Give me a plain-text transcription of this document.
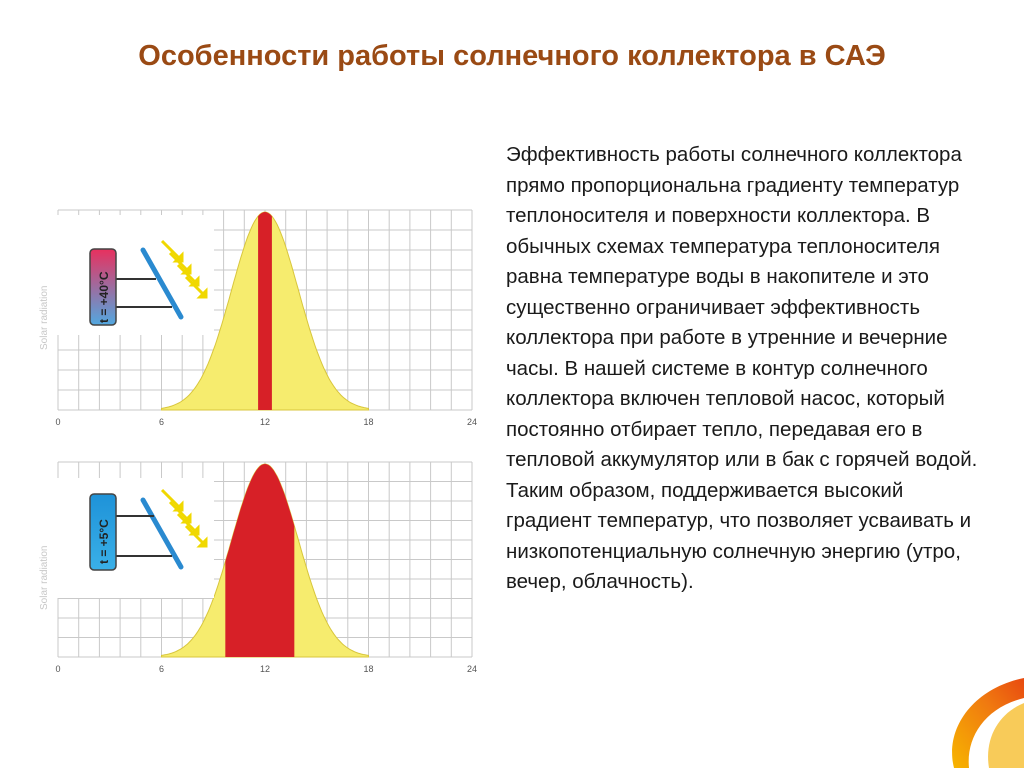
Особенности работы солнечного коллектора в САЭ
0	6	12	18	24
Solar radiation	t = +40°C
0	6	12	18	24
Solar radiation
t = +5°C
Эффективность работы солнечного коллектора прямо пропорциональна градиенту температур теплоносителя и поверхности коллектора. В обычных схемах температура теплоносителя равна температуре воды в накопителе и это существенно ограничивает эффективность коллектора при работе в утренние и вечерние часы. В нашей системе в контур солнечного коллектора включен тепловой насос, который постоянно отбирает тепло, передавая его в тепловой аккумулятор или в бак с горячей водой. Таким образом, поддерживается высокий градиент температур, что позволяет усваивать и низкопотенциальную солнечную энергию (утро, вечер, облачность).
